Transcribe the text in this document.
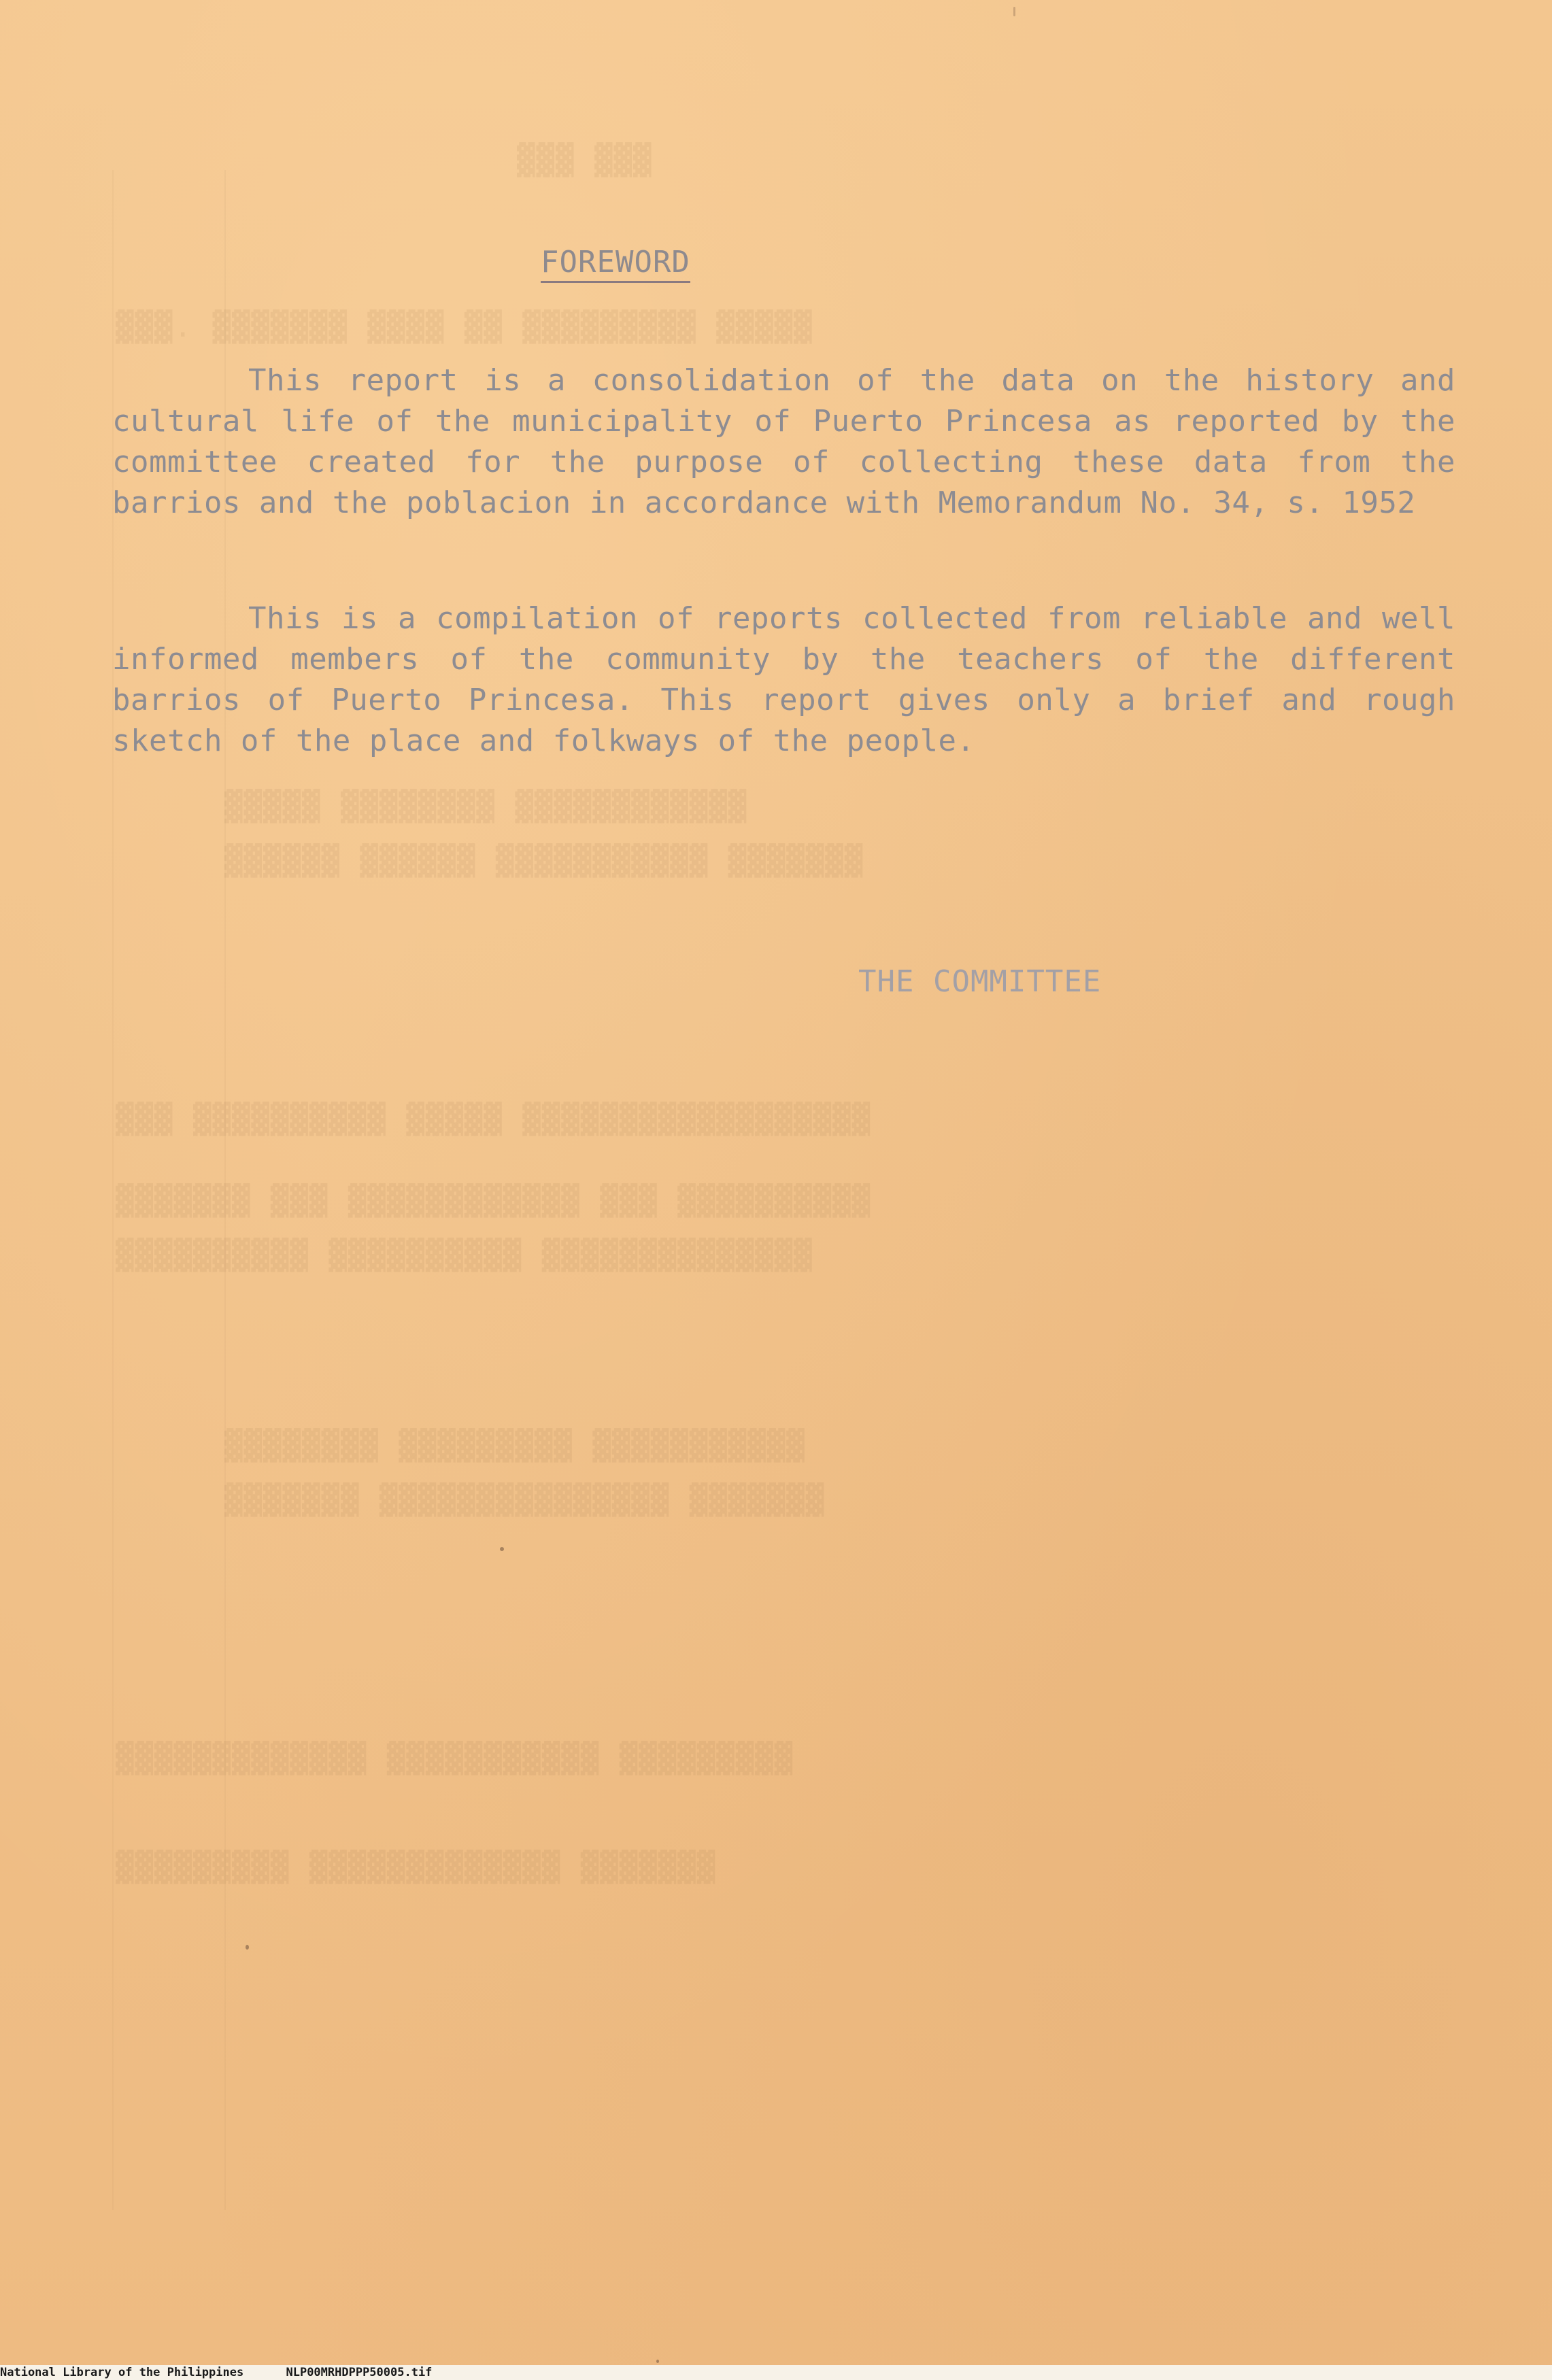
▓▓▓ ▓▓▓
▓▓▓. ▓▓▓▓▓▓▓ ▓▓▓▓ ▓▓ ▓▓▓▓▓▓▓▓▓ ▓▓▓▓▓
▓▓▓▓▓ ▓▓▓▓▓▓▓▓ ▓▓▓▓▓▓▓▓▓▓▓▓
▓▓▓▓▓▓ ▓▓▓▓▓▓ ▓▓▓▓▓▓▓▓▓▓▓ ▓▓▓▓▓▓▓
▓▓▓ ▓▓▓▓▓▓▓▓▓▓ ▓▓▓▓▓ ▓▓▓▓▓▓▓▓▓▓▓▓▓▓▓▓▓▓
▓▓▓▓▓▓▓ ▓▓▓ ▓▓▓▓▓▓▓▓▓▓▓▓ ▓▓▓ ▓▓▓▓▓▓▓▓▓▓
▓▓▓▓▓▓▓▓▓▓ ▓▓▓▓▓▓▓▓▓▓ ▓▓▓▓▓▓▓▓▓▓▓▓▓▓
▓▓▓▓▓▓▓▓ ▓▓▓▓▓▓▓▓▓ ▓▓▓▓▓▓▓▓▓▓▓
▓▓▓▓▓▓▓ ▓▓▓▓▓▓▓▓▓▓▓▓▓▓▓ ▓▓▓▓▓▓▓
▓▓▓▓▓▓▓▓▓▓▓▓▓ ▓▓▓▓▓▓▓▓▓▓▓ ▓▓▓▓▓▓▓▓▓
▓▓▓▓▓▓▓▓▓ ▓▓▓▓▓▓▓▓▓▓▓▓▓ ▓▓▓▓▓▓▓
FOREWORD
This report is a consolidation of the data on the history and cultural life of the municipality of Puerto Princesa as reported by the committee created for the purpose of collecting these data from the barrios and the poblacion in accordance with Memorandum No. 34, s. 1952
This is a compilation of reports collected from reliable and well informed members of the community by the teachers of the different barrios of Puerto Princesa. This report gives only a brief and rough sketch of the place and folkways of the people.
THE COMMITTEE
National Library of the Philippines	NLP00MRHDPPP50005.tif
